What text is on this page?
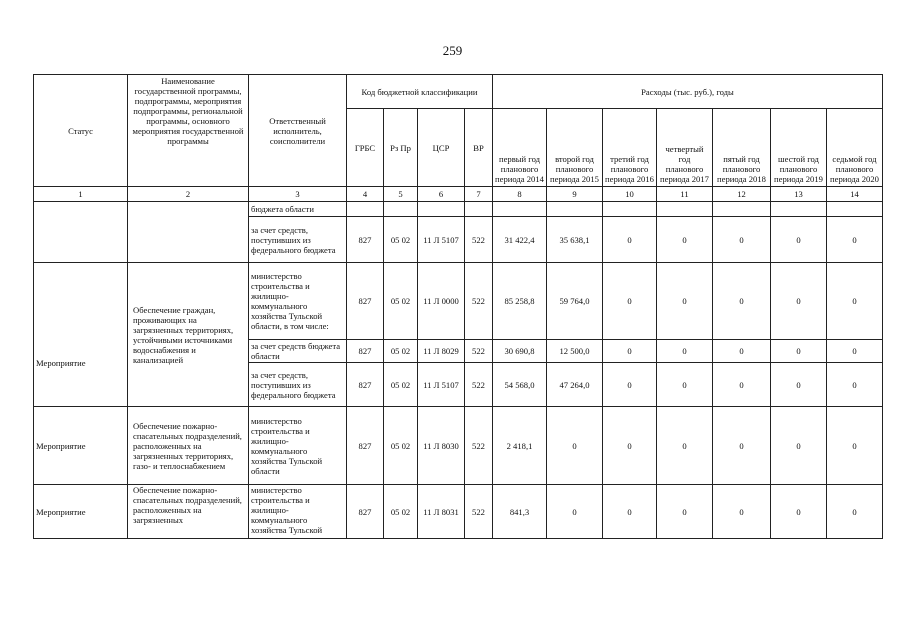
259
Статус	Наименование государственной программы, подпрограммы, мероприятия подпрограммы, региональной программы, основного мероприятия государственной программы	Ответственный исполнитель, соисполнители	Код бюджетной классификации				Расходы (тыс. руб.), годы						
			ГРБС	Рз Пр	ЦСР	ВР	первый год планового периода 2014	второй год планового периода 2015	третий год планового периода 2016	четвертый год планового периода 2017	пятый год планового периода 2018	шестой год планового периода 2019	седьмой год планового периода 2020
1	2	3	4	5	6	7	8	9	10	11	12	13	14
		бюджета области											
		за счет средств, поступивших из федерального бюджета	827	05 02	11 Л 5107	522	31 422,4	35 638,1	0	0	0	0	0
Мероприятие	Обеспечение граждан, проживающих на загрязненных территориях, устойчивыми источниками водоснабжения и канализацией	министерство строительства и жилищно-коммунального хозяйства Тульской области, в том числе:	827	05 02	11 Л 0000	522	85 258,8	59 764,0	0	0	0	0	0
		за счет средств бюджета области	827	05 02	11 Л 8029	522	30 690,8	12 500,0	0	0	0	0	0
		за счет средств, поступивших из федерального бюджета	827	05 02	11 Л 5107	522	54 568,0	47 264,0	0	0	0	0	0
Мероприятие	Обеспечение пожарно-спасательных подразделений, расположенных на загрязненных территориях, газо- и теплоснабжением	министерство строительства и жилищно-коммунального хозяйства Тульской области	827	05 02	11 Л 8030	522	2 418,1	0	0	0	0	0	0
Мероприятие	Обеспечение пожарно-спасательных подразделений, расположенных на загрязненных	министерство строительства и жилищно-коммунального хозяйства Тульской	827	05 02	11 Л 8031	522	841,3	0	0	0	0	0	0
